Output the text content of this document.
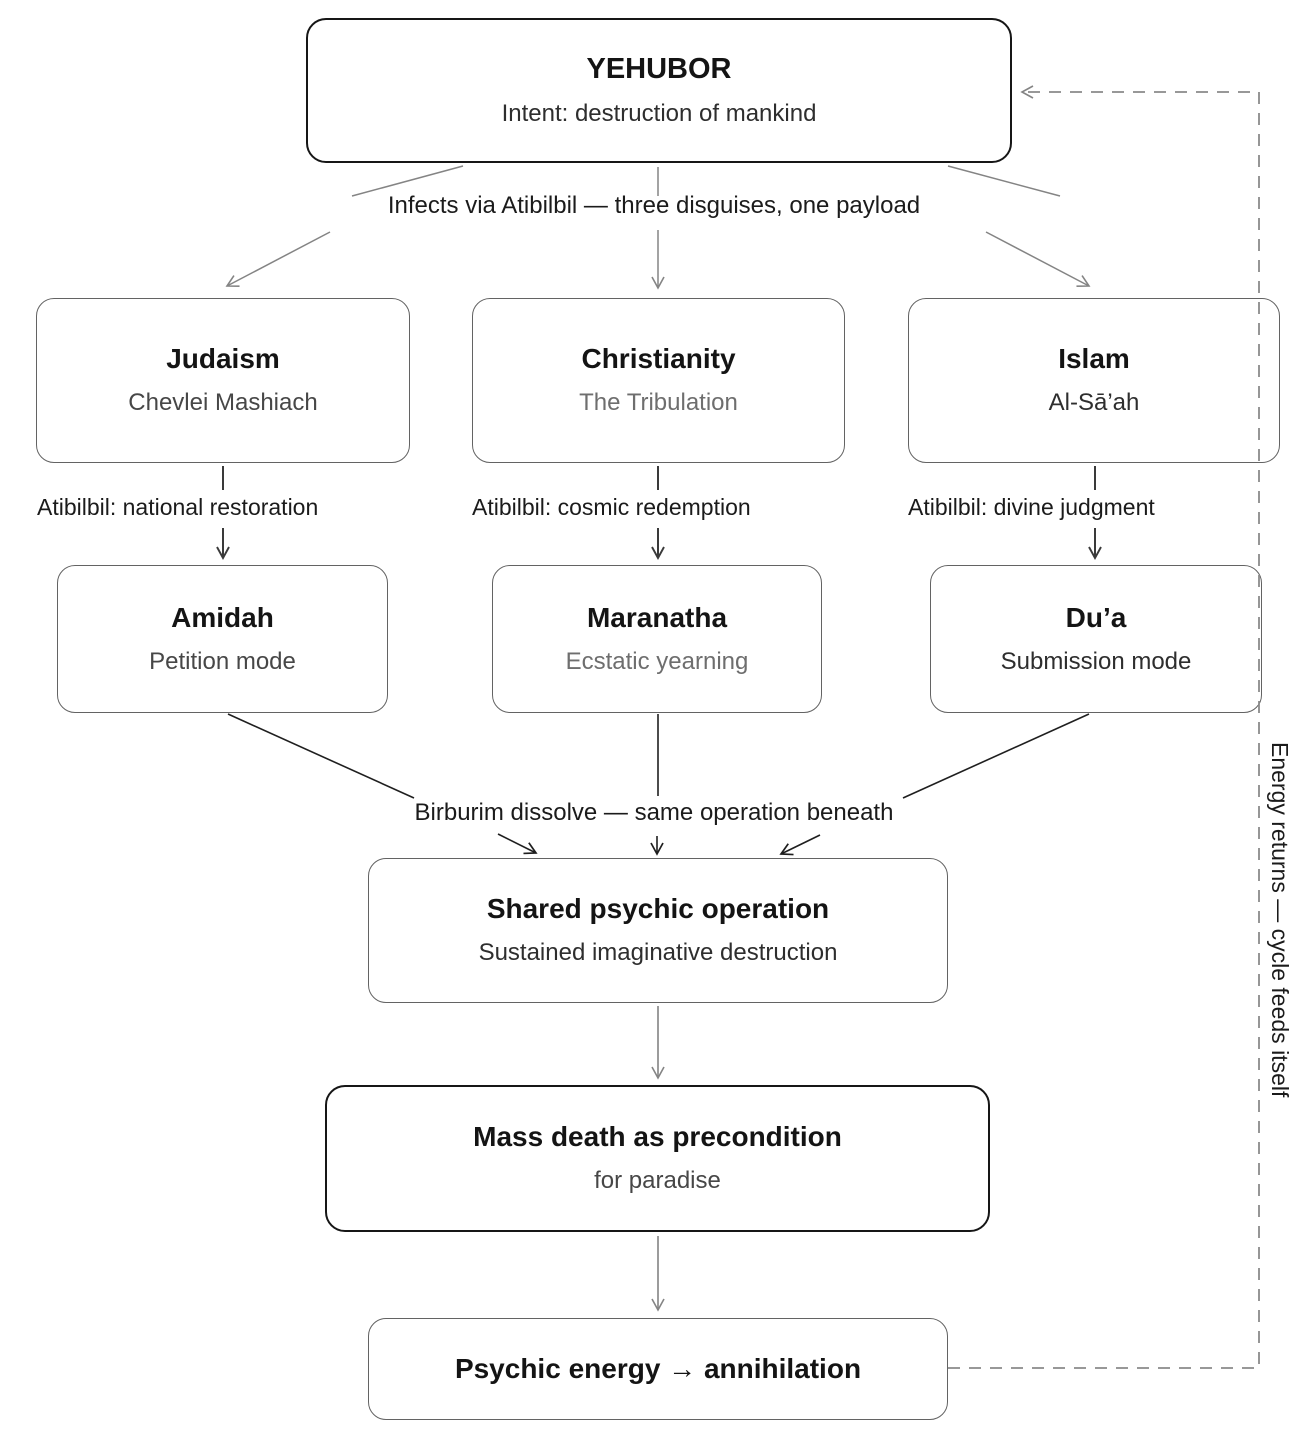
YEHUBOR
Intent: destruction of mankind
Infects via Atibilbil — three disguises, one payload
Judaism
Chevlei Mashiach
Christianity
The Tribulation
Islam
Al-Sā’ah
Atibilbil: national restoration	Atibilbil: cosmic redemption	Atibilbil: divine judgment
Amidah
Petition mode
Maranatha
Ecstatic yearning
Du’a
Submission mode
Birburim dissolve — same operation beneath
Shared psychic operation
Sustained imaginative destruction
Mass death as precondition
for paradise
Psychic energy → annihilation
Energy returns — cycle feeds itself
